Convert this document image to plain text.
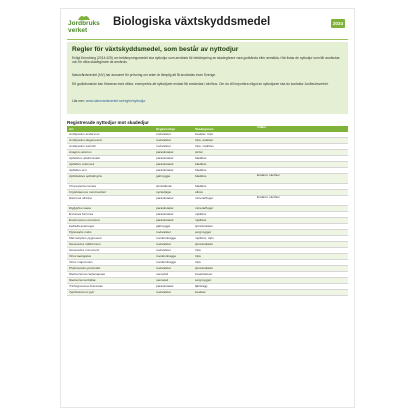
Jordbruks
verket
Biologiska växtskyddsmedel	2024
Regler för växtskyddsmedel, som består av nyttodjur

Enligt förordning (2014:425) om bekämpningsmedel ska nyttodjur som används för bekämpning av skadegörare vara godkända eller anmälda. Här listas de nyttodjur som får användas och för vilka skadegörare de används.

Naturvårdsverket (NV) har ansvaret för prövning om arten är lämplig att få användas inom Sverige.

Ett godkännande kan försenas med villkor, exempelvis att nyttodjuret endast får användas i växthus. Om du vill importera något av nyttodjuren ska du kontakta Jordbruksverket.

Läs mer: www.naturvardsverket.se/regler/nyttodjur

Registrerade nyttodjur mot skadedjur
Art	Organismtyp	Skadegörare	Villkor
Amblyseius andersoni	rovkvalster	kvalster, trips
Amblyseius degenerans	rovkvalster	trips, kvalster
Amblyseius swirskii	rovkvalster	trips, mjöllöss
Anagrus atomus	parasitstekel	stritar
Aphelinus abdominalis	parasitstekel	bladlöss
Aphidius colemani	parasitstekel	bladlöss
Aphidius ervi	parasitstekel	bladlöss
Aphidoletes aphidimyza	gallmygga	bladlöss	Endast i växthus
Chrysoperla carnea	stinkslända	bladlöss
Cryptolaemus montrouzieri	nyckelpiga	ullöss
Dacnusa sibirica	parasitstekel	minerarflugor	Endast i växthus
Diglyphus isaea	parasitstekel	minerarflugor
Encarsia formosa	parasitstekel	mjöllöss
Eretmocerus eremicus	parasitstekel	mjöllöss
Feltiella acarisuga	gallmygga	spinnkvalster
Hypoaspis miles	rovkvalster	sorgmyggor
Macrolophus pygmaeus	rovskinnbagge	mjöllöss, trips
Neoseiulus californicus	rovkvalster	spinnkvalster
Neoseiulus cucumeris	rovkvalster	trips
Orius laevigatus	rovskinnbagge	trips
Orius majusculus	rovskinnbagge	trips
Phytoseiulus persimilis	rovkvalster	spinnkvalster
Steinernema carpocapsae	nematod	insektslarver
Steinernema feltiae	nematod	sorgmyggor
Trichogramma brassicae	parasitstekel	fjärilsägg
Typhlodromus pyri	rovkvalster	kvalster
